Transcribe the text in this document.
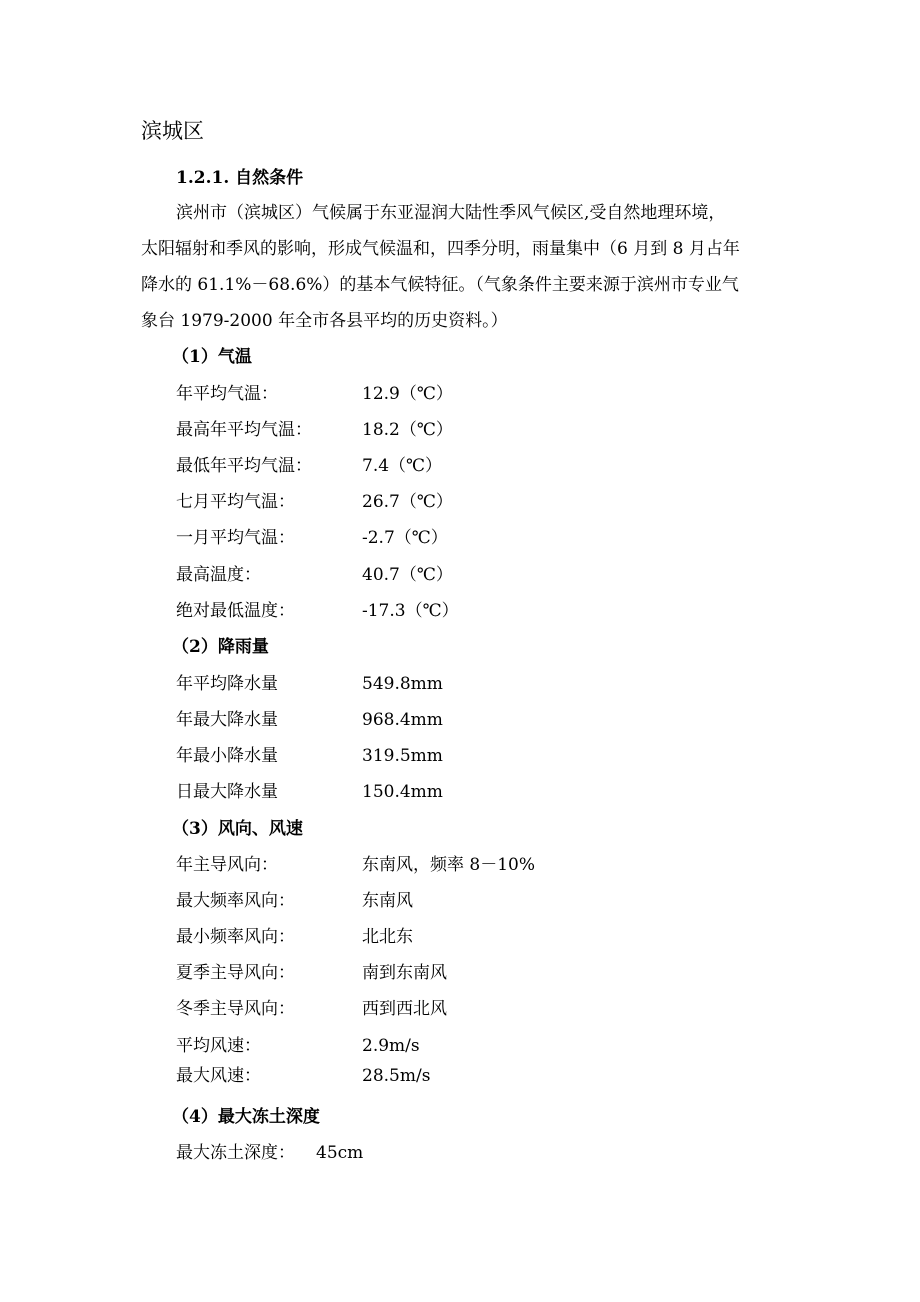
滨城区
1.2.1. 自然条件
滨州市（滨城区）气候属于东亚湿润大陆性季风气候区,受自然地理环境，
太阳辐射和季风的影响，形成气候温和，四季分明，雨量集中（6 月到 8 月占年
降水的 61.1%－68.6%）的基本气候特征。（气象条件主要来源于滨州市专业气
象台 1979-2000 年全市各县平均的历史资料。）
（1）气温
年平均气温：	12.9（℃）
最高年平均气温：	18.2（℃）
最低年平均气温：	7.4（℃）
七月平均气温：	26.7（℃）
一月平均气温：	-2.7（℃）
最高温度：	40.7（℃）
绝对最低温度：	-17.3（℃）
（2）降雨量
年平均降水量	549.8mm
年最大降水量	968.4mm
年最小降水量	319.5mm
日最大降水量	150.4mm
（3）风向、风速
年主导风向：	东南风，频率 8－10%
最大频率风向：	东南风
最小频率风向：	北北东
夏季主导风向：	南到东南风
冬季主导风向：	西到西北风
平均风速：	2.9m/s
最大风速：	28.5m/s
（4）最大冻土深度
最大冻土深度： 45cm
